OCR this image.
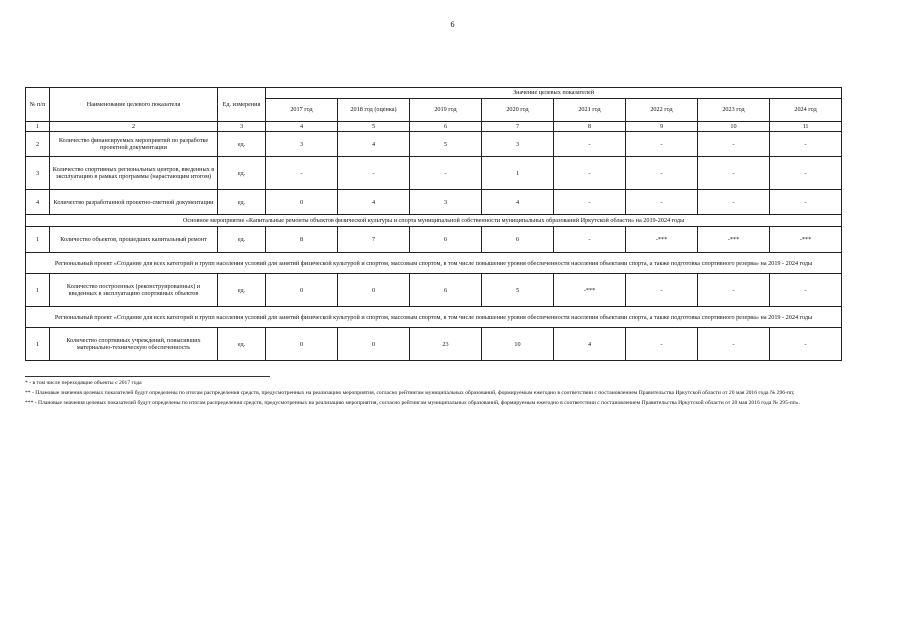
6
№ п/п	Наименование целевого показателя	Ед. измерения	Значение целевых показателей							
			2017 год	2018 год (оценка)	2019 год	2020 год	2021 год	2022 год	2023 год	2024 год
1	2	3	4	5	6	7	8	9	10	11
2	Количество финансируемых мероприятий по разработке проектной документации	ед.	3	4	5	3	-	-	-	-
3	Количество спортивных региональных центров, введенных в эксплуатацию в рамках программы (нарастающим итогом)	ед.	-	-	-	1	-	-	-	-
4	Количество разработанной проектно-сметной документации	ед.	0	4	3	4	-	-	-	-
Основное мероприятие «Капитальные ремонты объектов физической культуры и спорта муниципальной собственности муниципальных образований Иркутской области» на 2019-2024 годы										
1	Количество объектов, прошедших капитальный ремонт	ед.	8	7	6	6	-	-***	-***	-***
Региональный проект «Создание для всех категорий и групп населения условий для занятий физической культурой и спортом, массовым спортом, в том числе повышение уровня обеспеченности населения объектами спорта, а также подготовка спортивного резерва» на 2019 - 2024 годы										
1	Количество построенных (реконструированных) и введенных в эксплуатацию спортивных объектов	ед.	0	0	6	5	-***	-	-	-
Региональный проект «Создание для всех категорий и групп населения условий для занятий физической культурой и спортом, массовым спортом, в том числе повышение уровня обеспеченности населения объектами спорта, а также подготовка спортивного резерва» на 2019 - 2024 годы										
1	Количество спортивных учреждений, повысивших материально-техническую обеспеченность	ед.	0	0	23	10	4	-	-	-

* - в том числе переходящие объекты с 2017 года

** - Плановые значения целевых показателей будут определены по итогам распределения средств, предусмотренных на реализацию мероприятия, согласно рейтингам муниципальных образований, формируемым ежегодно в соответствии с постановлением Правительства Иркутской области от 20 мая 2016 года № 296-пп;

*** - Плановые значения целевых показателей будут определены по итогам распределения средств, предусмотренных на реализацию мероприятия, согласно рейтингам муниципальных образований, формируемым ежегодно в соответствии с постановлением Правительства Иркутской области от 20 мая 2016 года № 295-пп».
